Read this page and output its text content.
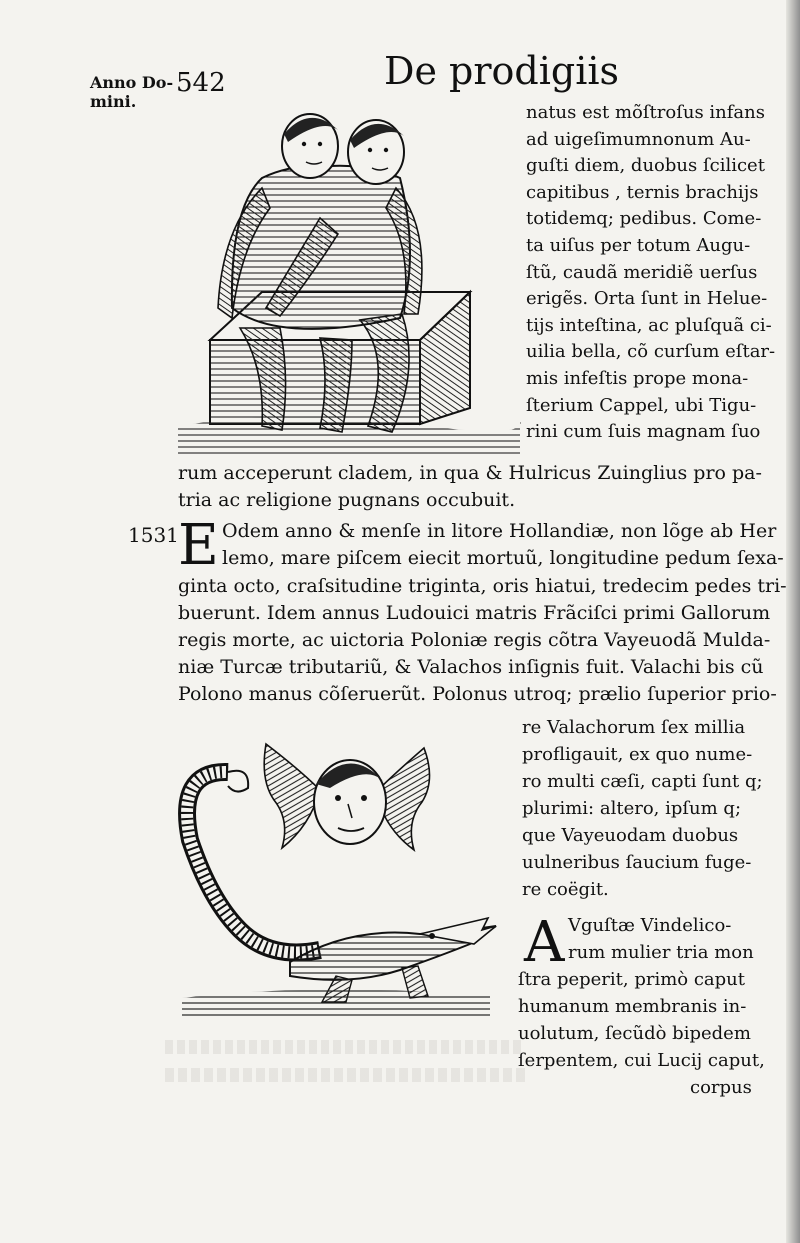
Anno Do-
mini.
542	De prodigiis
natus est mõſtroſus infans
ad uigeſimumnonum Au-
guſti diem, duobus ſcilicet
capitibus , ternis brachijs
totidemq; pedibus. Come-
ta uiſus per totum Augu-
ſtũ, caudã meridiẽ uerſus
erigẽs. Orta ſunt in Helue-
tijs inteſtina, ac pluſquã ci-
uilia bella, cõ curſum eſtar-
mis infeſtis prope mona-
ſterium Cappel, ubi Tigu-
rini cum ſuis magnam ſuo
rum acceperunt cladem, in qua & Hulricus Zuinglius pro pa-
tria ac religione pugnans occubuit.
1531 E Odem anno & menſe in litore Hollandiæ, non lõge ab Her
lemo, mare piſcem eiecit mortuũ, longitudine pedum ſexa-
ginta octo, craſsitudine triginta, oris hiatui, tredecim pedes tri-
buerunt. Idem annus Ludouici matris Frãciſci primi Gallorum
regis morte, ac uictoria Poloniæ regis cõtra Vayeuodã Mulda-
niæ Turcæ tributariũ, & Valachos inſignis fuit. Valachi bis cũ
Polono manus cõſeruerũt. Polonus utroq; prælio ſuperior prio-
re Valachorum ſex millia
profligauit, ex quo nume-
ro multi cæſi, capti ſunt q;
plurimi: altero, ipſum q;
que Vayeuodam duobus
uulneribus ſaucium fuge-
re coëgit.
A Vguſtæ Vindelico-
rum mulier tria mon
ſtra peperit, primò caput
humanum membranis in-
uolutum, ſecũdò bipedem
ſerpentem, cui Lucij caput,
corpus
